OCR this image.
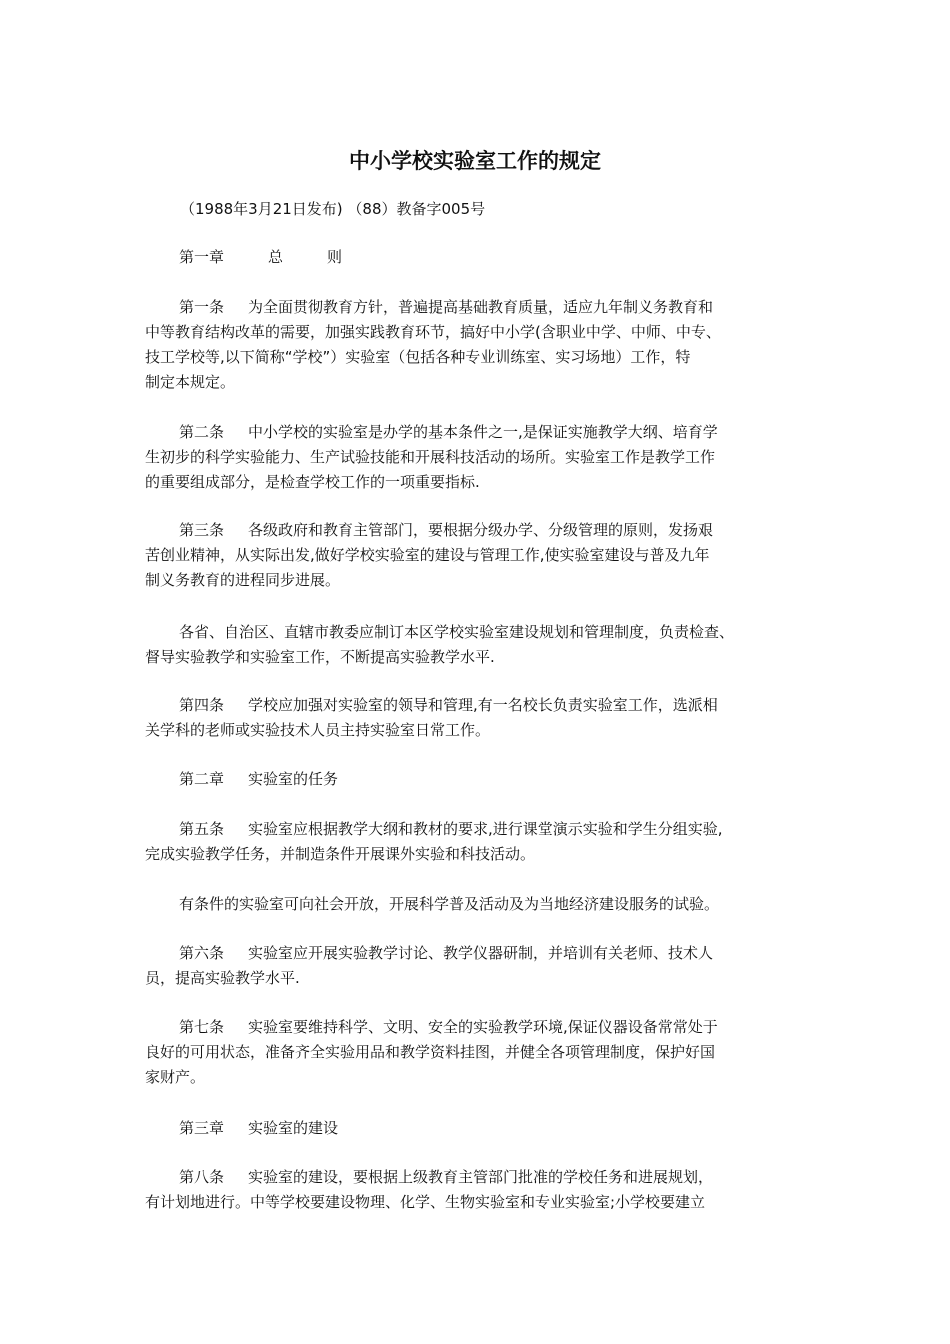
中小学校实验室工作的规定

（1988年3月21日发布) （88）教备字005号

第一章	总	则

第一条 为全面贯彻教育方针，普遍提高基础教育质量，适应九年制义务教育和
中等教育结构改革的需要，加强实践教育环节，搞好中小学(含职业中学、中师、中专、
技工学校等,以下简称“学校”）实验室（包括各种专业训练室、实习场地）工作，特
制定本规定。

第二条 中小学校的实验室是办学的基本条件之一,是保证实施教学大纲、培育学
生初步的科学实验能力、生产试验技能和开展科技活动的场所。实验室工作是教学工作
的重要组成部分，是检查学校工作的一项重要指标.

第三条 各级政府和教育主管部门，要根据分级办学、分级管理的原则，发扬艰
苦创业精神，从实际出发,做好学校实验室的建设与管理工作,使实验室建设与普及九年
制义务教育的进程同步进展。

各省、自治区、直辖市教委应制订本区学校实验室建设规划和管理制度，负责检查、
督导实验教学和实验室工作，不断提高实验教学水平.

第四条 学校应加强对实验室的领导和管理,有一名校长负责实验室工作，选派相
关学科的老师或实验技术人员主持实验室日常工作。

第二章 实验室的任务

第五条 实验室应根据教学大纲和教材的要求,进行课堂演示实验和学生分组实验,
完成实验教学任务，并制造条件开展课外实验和科技活动。

有条件的实验室可向社会开放，开展科学普及活动及为当地经济建设服务的试验。

第六条 实验室应开展实验教学讨论、教学仪器研制，并培训有关老师、技术人
员，提高实验教学水平.

第七条 实验室要维持科学、文明、安全的实验教学环境,保证仪器设备常常处于
良好的可用状态，准备齐全实验用品和教学资料挂图，并健全各项管理制度，保护好国
家财产。

第三章 实验室的建设

第八条 实验室的建设，要根据上级教育主管部门批准的学校任务和进展规划，
有计划地进行。中等学校要建设物理、化学、生物实验室和专业实验室;小学校要建立
